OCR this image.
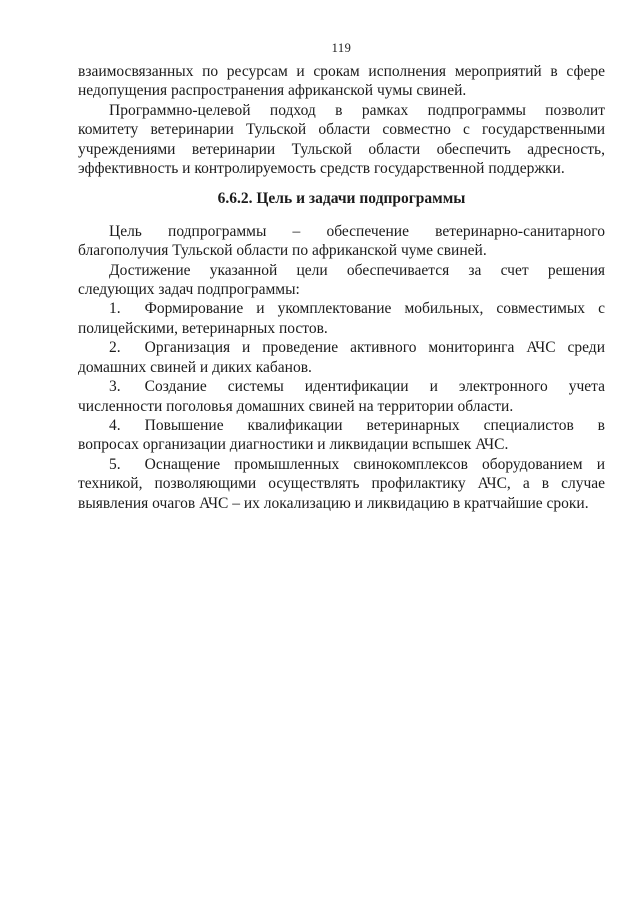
119
взаимосвязанных по ресурсам и срокам исполнения мероприятий в сфере
недопущения распространения африканской чумы свиней.
Программно-целевой подход в рамках подпрограммы позволит
комитету ветеринарии Тульской области совместно с государственными
учреждениями ветеринарии Тульской области обеспечить адресность,
эффективность и контролируемость средств государственной поддержки.
6.6.2. Цель и задачи подпрограммы
Цель подпрограммы – обеспечение ветеринарно-санитарного
благополучия Тульской области по африканской чуме свиней.
Достижение указанной цели обеспечивается за счет решения
следующих задач подпрограммы:
1. Формирование и укомплектование мобильных, совместимых с
полицейскими, ветеринарных постов.
2. Организация и проведение активного мониторинга АЧС среди
домашних свиней и диких кабанов.
3. Создание системы идентификации и электронного учета
численности поголовья домашних свиней на территории области.
4. Повышение квалификации ветеринарных специалистов в
вопросах организации диагностики и ликвидации вспышек АЧС.
5. Оснащение промышленных свинокомплексов оборудованием и
техникой, позволяющими осуществлять профилактику АЧС, а в случае
выявления очагов АЧС – их локализацию и ликвидацию в кратчайшие сроки.
